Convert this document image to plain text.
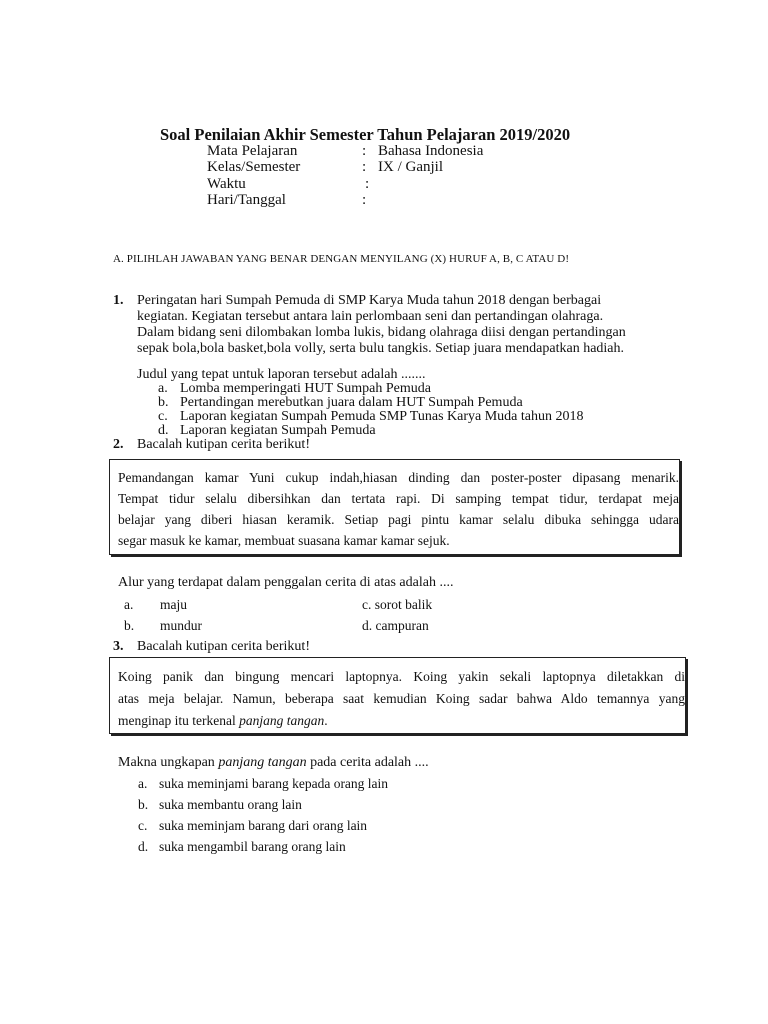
Soal Penilaian Akhir Semester Tahun Pelajaran 2019/2020
Mata Pelajaran	: Bahasa Indonesia
Kelas/Semester	: IX / Ganjil
Waktu	:
Hari/Tanggal	:
A. PILIHLAH JAWABAN YANG BENAR DENGAN MENYILANG (X) HURUF A, B, C ATAU D!
1. Peringatan hari Sumpah Pemuda di SMP Karya Muda tahun 2018 dengan berbagai
kegiatan. Kegiatan tersebut antara lain perlombaan seni dan pertandingan olahraga.
Dalam bidang seni dilombakan lomba lukis, bidang olahraga diisi dengan pertandingan
sepak bola,bola basket,bola volly, serta bulu tangkis. Setiap juara mendapatkan hadiah.
Judul yang tepat untuk laporan tersebut adalah .......
a. Lomba memperingati HUT Sumpah Pemuda
b. Pertandingan merebutkan juara dalam HUT Sumpah Pemuda
c. Laporan kegiatan Sumpah Pemuda SMP Tunas Karya Muda tahun 2018
d. Laporan kegiatan Sumpah Pemuda
2. Bacalah kutipan cerita berikut!
Pemandangan kamar Yuni cukup indah,hiasan dinding dan poster-poster dipasang menarik.
Tempat tidur selalu dibersihkan dan tertata rapi. Di samping tempat tidur, terdapat meja
belajar yang diberi hiasan keramik. Setiap pagi pintu kamar selalu dibuka sehingga udara
segar masuk ke kamar, membuat suasana kamar kamar sejuk.
Alur yang terdapat dalam penggalan cerita di atas adalah ....
a. maju	c. sorot balik
b. mundur	d. campuran
3. Bacalah kutipan cerita berikut!
Koing panik dan bingung mencari laptopnya. Koing yakin sekali laptopnya diletakkan di
atas meja belajar. Namun, beberapa saat kemudian Koing sadar bahwa Aldo temannya yang
menginap itu terkenal panjang tangan.
Makna ungkapan panjang tangan pada cerita adalah ....
a. suka meminjami barang kepada orang lain
b. suka membantu orang lain
c. suka meminjam barang dari orang lain
d. suka mengambil barang orang lain
